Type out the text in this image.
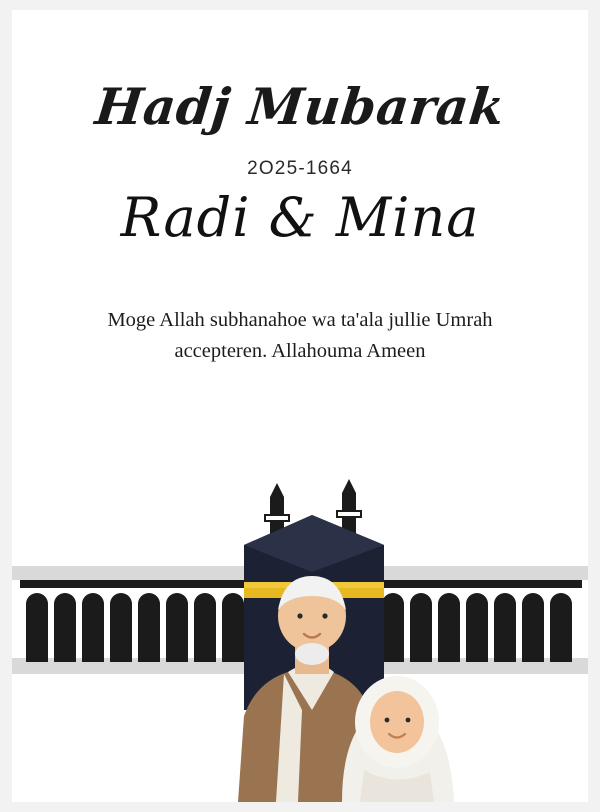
Hadj Mubarak
2O25-1664
Radi & Mina
Moge Allah subhanahoe wa ta'ala jullie Umrah
accepteren. Allahouma Ameen
